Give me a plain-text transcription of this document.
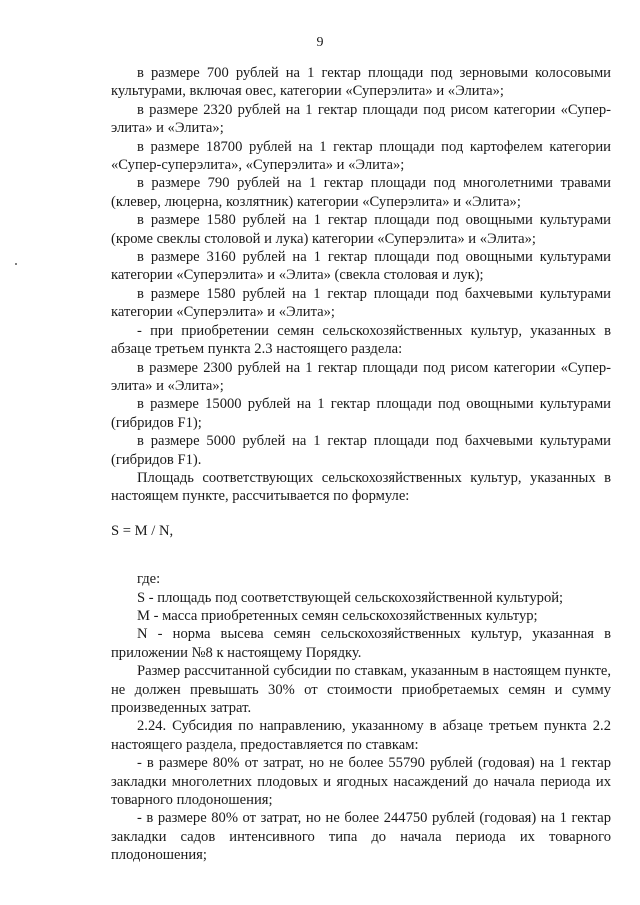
9

в размере 700 рублей на 1 гектар площади под зерновыми колосовыми культурами, включая овес, категории «Суперэлита» и «Элита»;

в размере 2320 рублей на 1 гектар площади под рисом категории «Супер-элита» и «Элита»;

в размере 18700 рублей на 1 гектар площади под картофелем категории «Супер-суперэлита», «Суперэлита» и «Элита»;

в размере 790 рублей на 1 гектар площади под многолетними травами (клевер, люцерна, козлятник) категории «Суперэлита» и «Элита»;

в размере 1580 рублей на 1 гектар площади под овощными культурами (кроме свеклы столовой и лука) категории «Суперэлита» и «Элита»;

в размере 3160 рублей на 1 гектар площади под овощными культурами категории «Суперэлита» и «Элита» (свекла столовая и лук);

в размере 1580 рублей на 1 гектар площади под бахчевыми культурами категории «Суперэлита» и «Элита»;

- при приобретении семян сельскохозяйственных культур, указанных в абзаце третьем пункта 2.3 настоящего раздела:

в размере 2300 рублей на 1 гектар площади под рисом категории «Супер-элита» и «Элита»;

в размере 15000 рублей на 1 гектар площади под овощными культурами (гибридов F1);

в размере 5000 рублей на 1 гектар площади под бахчевыми культурами (гибридов F1).

Площадь соответствующих сельскохозяйственных культур, указанных в настоящем пункте, рассчитывается по формуле:

S = M / N,

где:

S - площадь под соответствующей сельскохозяйственной культурой;

M - масса приобретенных семян сельскохозяйственных культур;

N - норма высева семян сельскохозяйственных культур, указанная в приложении №8 к настоящему Порядку.

Размер рассчитанной субсидии по ставкам, указанным в настоящем пункте, не должен превышать 30% от стоимости приобретаемых семян и сумму произведенных затрат.

2.24. Субсидия по направлению, указанному в абзаце третьем пункта 2.2 настоящего раздела, предоставляется по ставкам:

- в размере 80% от затрат, но не более 55790 рублей (годовая) на 1 гектар закладки многолетних плодовых и ягодных насаждений до начала периода их товарного плодоношения;

- в размере 80% от затрат, но не более 244750 рублей (годовая) на 1 гектар закладки садов интенсивного типа до начала периода их товарного плодоношения;
